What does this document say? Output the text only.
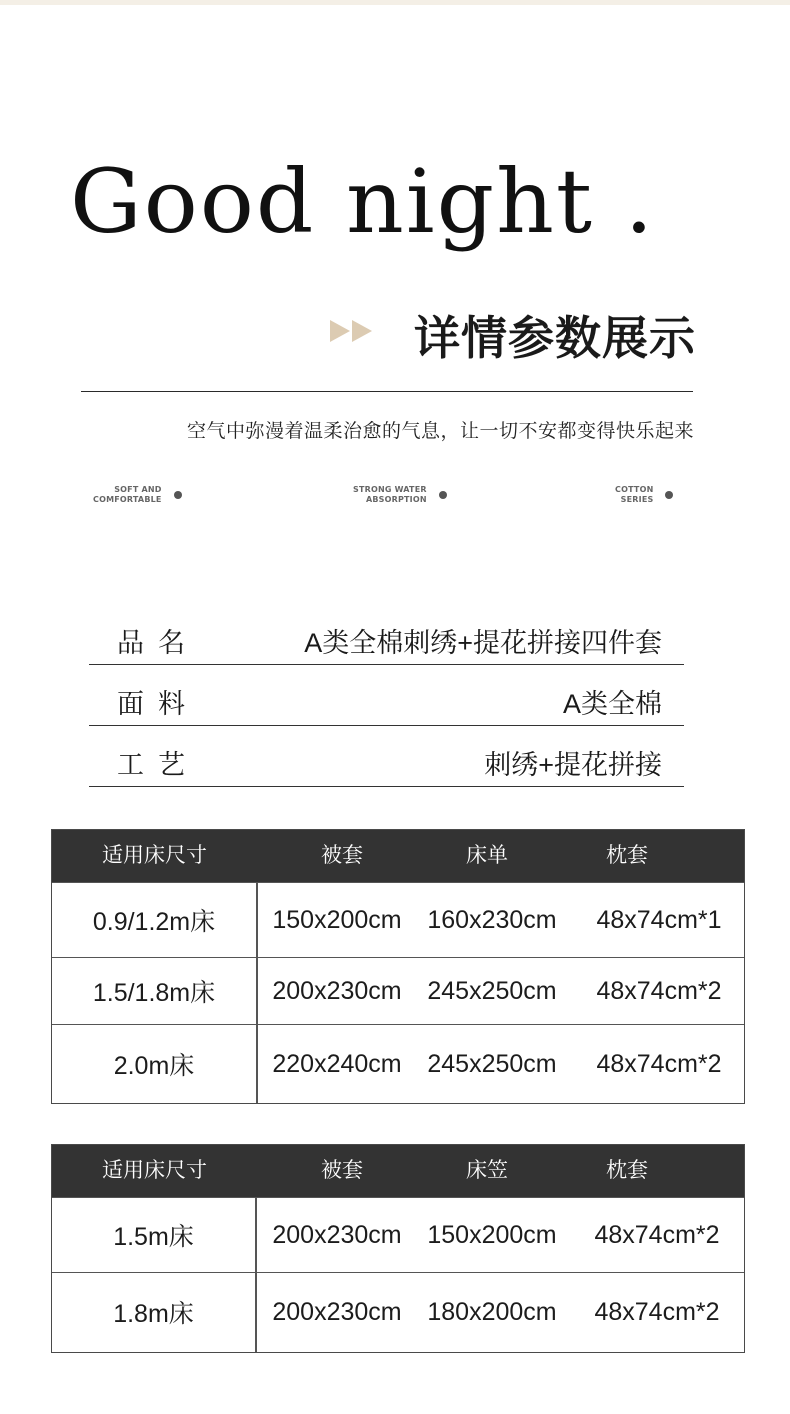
Good night .
详情参数展示
空气中弥漫着温柔治愈的气息，让一切不安都变得快乐起来
SOFT AND
COMFORTABLE
STRONG WATER
ABSORPTION
COTTON
SERIES
品名	A类全棉刺绣+提花拼接四件套
面料	A类全棉
工艺	刺绣+提花拼接
适用床尺寸	被套	床单	枕套
0.9/1.2m床	150x200cm	160x230cm	48x74cm*1
1.5/1.8m床	200x230cm	245x250cm	48x74cm*2
2.0m床	220x240cm	245x250cm	48x74cm*2
适用床尺寸	被套	床笠	枕套
1.5m床	200x230cm	150x200cm	48x74cm*2
1.8m床	200x230cm	180x200cm	48x74cm*2
